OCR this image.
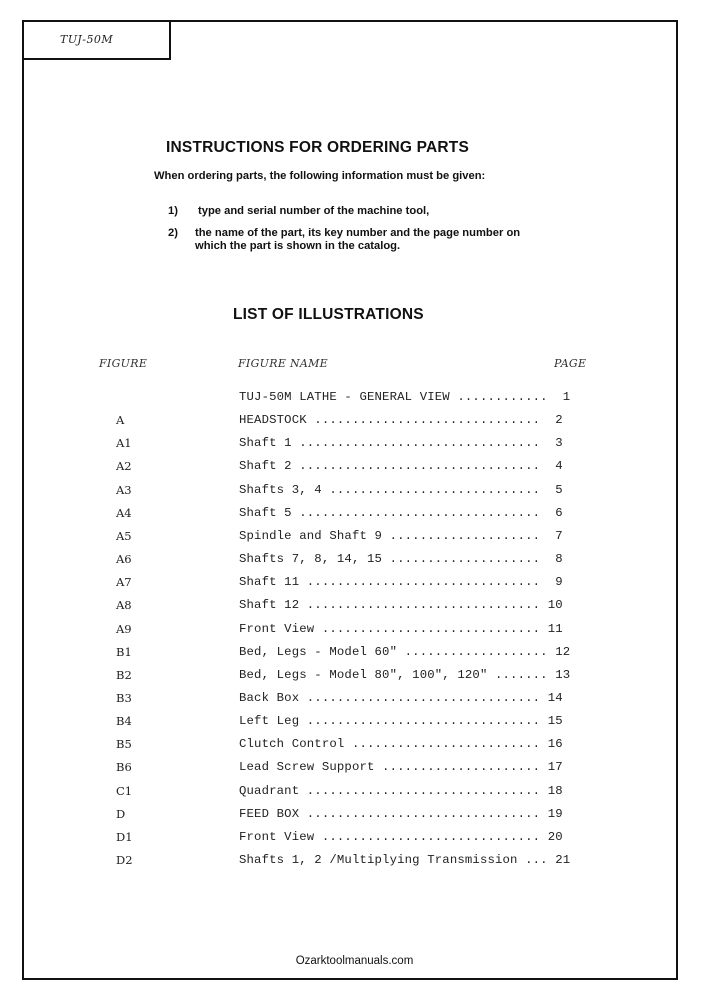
TUJ-50M
INSTRUCTIONS FOR ORDERING PARTS
When ordering parts, the following information must be given:
1) type and serial number of the machine tool,
2) the name of the part, its key number and the page number on which the part is shown in the catalog.
LIST OF ILLUSTRATIONS
FIGURE	FIGURE NAME	PAGE
TUJ-50M LATHE - GENERAL VIEW ............  1
A	HEADSTOCK ..............................  2
A1	Shaft 1 ................................  3
A2	Shaft 2 ................................  4
A3	Shafts 3, 4 ............................  5
A4	Shaft 5 ................................  6
A5	Spindle and Shaft 9 ....................  7
A6	Shafts 7, 8, 14, 15 ....................  8
A7	Shaft 11 ...............................  9
A8	Shaft 12 ............................... 10
A9	Front View ............................. 11
B1	Bed, Legs - Model 60" ................... 12
B2	Bed, Legs - Model 80", 100", 120" ....... 13
B3	Back Box ............................... 14
B4	Left Leg ............................... 15
B5	Clutch Control ......................... 16
B6	Lead Screw Support ..................... 17
C1	Quadrant ............................... 18
D	FEED BOX ............................... 19
D1	Front View ............................. 20
D2	Shafts 1, 2 /Multiplying Transmission ... 21
Ozarktoolmanuals.com
